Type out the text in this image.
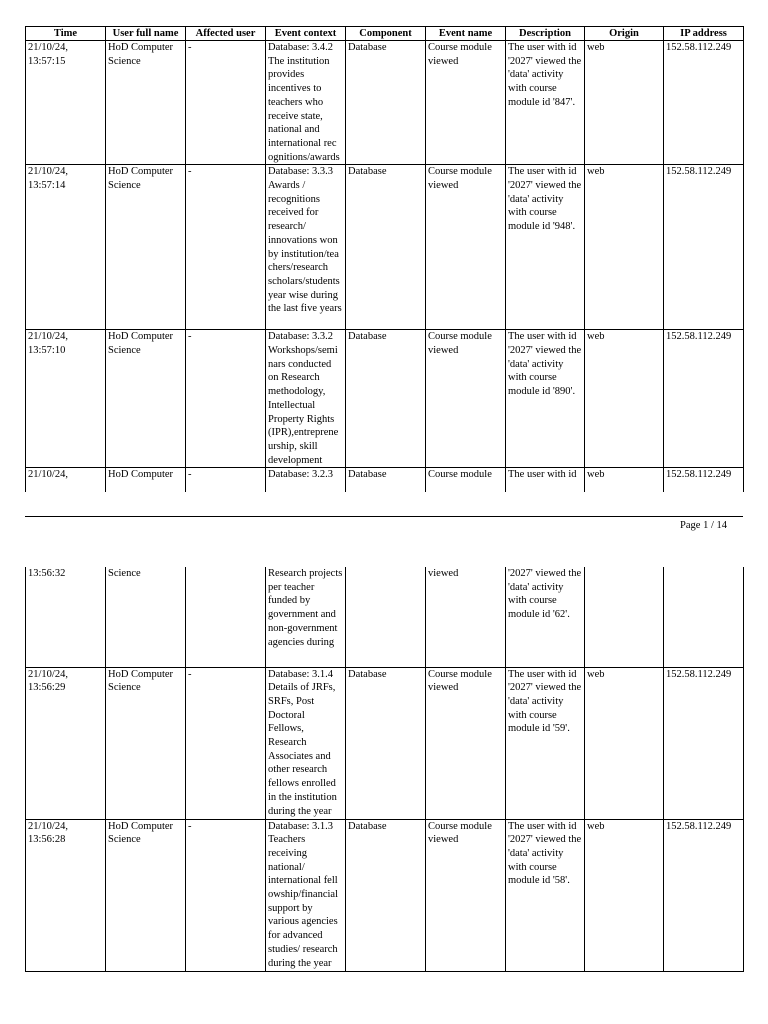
Time	User full name	Affected user	Event context	Component	Event name	Description	Origin	IP address
21/10/24, 13:57:15	HoD Computer Science	-	Database: 3.4.2 The institution provides incentives to teachers who receive state, national and international rec ognitions/awards	Database	Course module viewed	The user with id '2027' viewed the 'data' activity with course module id '847'.	web	152.58.112.249
21/10/24, 13:57:14	HoD Computer Science	-	Database: 3.3.3 Awards / recognitions received for research/ innovations won by institution/tea chers/research scholars/students year wise during the last five years	Database	Course module viewed	The user with id '2027' viewed the 'data' activity with course module id '948'.	web	152.58.112.249
21/10/24, 13:57:10	HoD Computer Science	-	Database: 3.3.2 Workshops/semi nars conducted on Research methodology, Intellectual Property Rights (IPR),entreprene urship, skill development	Database	Course module viewed	The user with id '2027' viewed the 'data' activity with course module id '890'.	web	152.58.112.249
21/10/24,	HoD Computer	-	Database: 3.2.3	Database	Course module	The user with id	web	152.58.112.249
Page 1 / 14
13:56:32	Science		Research projects per teacher funded by government and non-government agencies during		viewed	'2027' viewed the 'data' activity with course module id '62'.		
21/10/24, 13:56:29	HoD Computer Science	-	Database: 3.1.4 Details of JRFs, SRFs, Post Doctoral Fellows, Research Associates and other research fellows enrolled in the institution during the year	Database	Course module viewed	The user with id '2027' viewed the 'data' activity with course module id '59'.	web	152.58.112.249
21/10/24, 13:56:28	HoD Computer Science	-	Database: 3.1.3 Teachers receiving national/ international fell owship/financial support by various agencies for advanced studies/ research during the year	Database	Course module viewed	The user with id '2027' viewed the 'data' activity with course module id '58'.	web	152.58.112.249
